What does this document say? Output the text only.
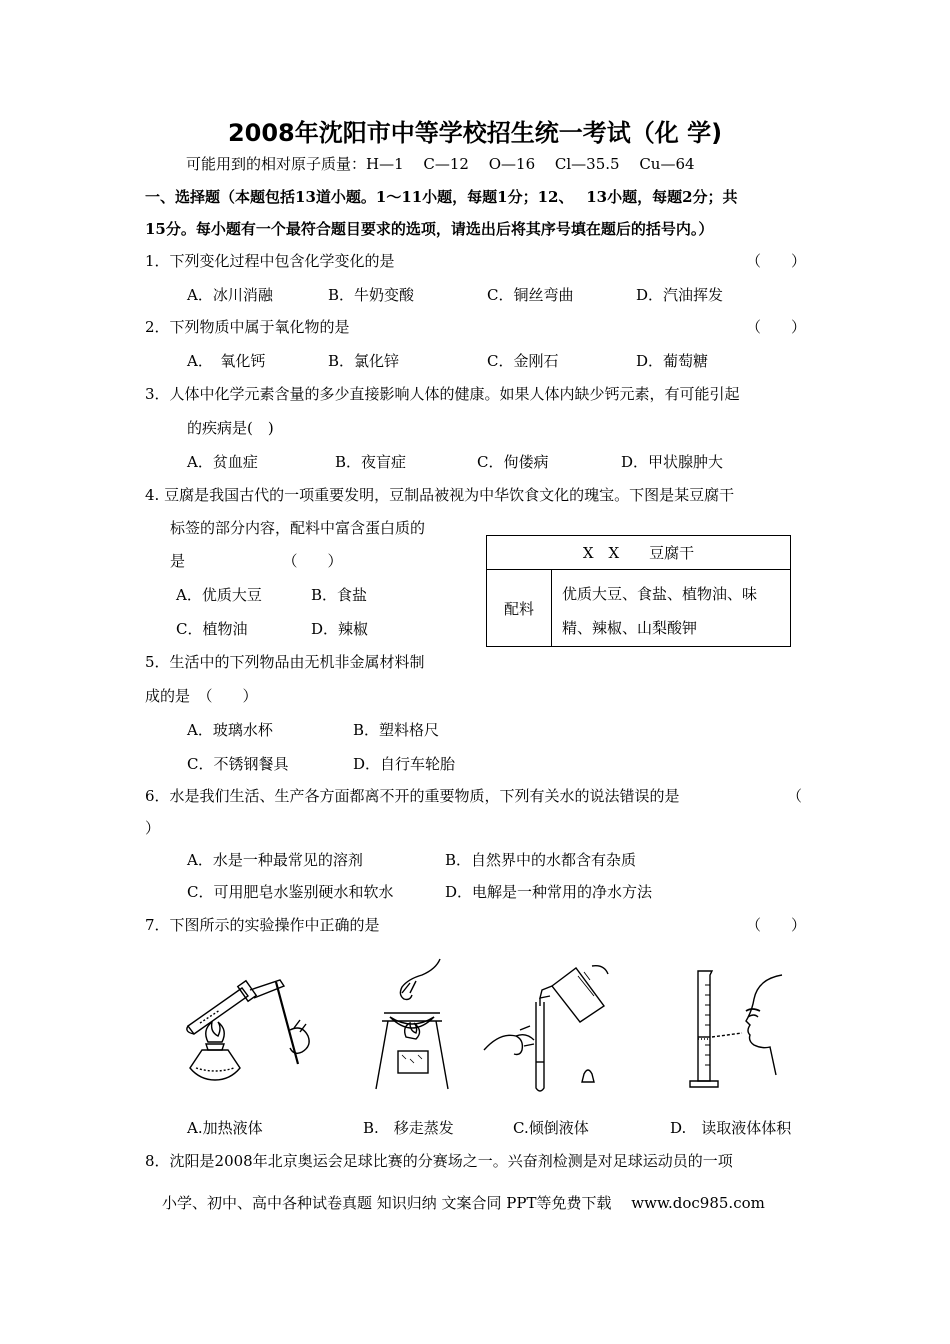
2008年沈阳市中等学校招生统一考试（化 学)
可能用到的相对原子质量：H—1　 C—12　 O—16　 Cl—35.5　 Cu—64
一、选择题（本题包括13道小题。1～11小题，每题1分；12、　 13小题，每题2分；共
15分。每小题有一个最符合题目要求的选项，请选出后将其序号填在题后的括号内。）
1．下列变化过程中包含化学变化的是	（　　）
A．冰川消融	B．牛奶变酸	C．铜丝弯曲	D．汽油挥发
2．下列物质中属于氧化物的是	（　　）
A．　氧化钙	B．氯化锌	C．金刚石	D．葡萄糖
3．人体中化学元素含量的多少直接影响人体的健康。如果人体内缺少钙元素，有可能引起
的疾病是(　)
A．贫血症	B．夜盲症	C．佝偻病	D．甲状腺肿大
4. 豆腐是我国古代的一项重要发明，豆制品被视为中华饮食文化的瑰宝。下图是某豆腐干
标签的部分内容，配料中富含蛋白质的
是　　　　　　　（　　）
A．优质大豆	B．食盐
C．植物油	D．辣椒
X　X　　豆腐干
配料
优质大豆、食盐、植物油、味精、辣椒、山梨酸钾
5．生活中的下列物品由无机非金属材料制
成的是　（　　）
A．玻璃水杯	B．塑料格尺
C．不锈钢餐具	D．自行车轮胎
6．水是我们生活、生产各方面都离不开的重要物质，下列有关水的说法错误的是	（
）
A．水是一种最常见的溶剂	B．自然界中的水都含有杂质
C．可用肥皂水鉴别硬水和软水	D．电解是一种常用的净水方法
7．下图所示的实验操作中正确的是	（　　）
A.加热液体	B.　移走蒸发	C.倾倒液体	D.　读取液体体积
8．沈阳是2008年北京奥运会足球比赛的分赛场之一。兴奋剂检测是对足球运动员的一项
小学、初中、高中各种试卷真题 知识归纳 文案合同 PPT等免费下载　 www.doc985.com
